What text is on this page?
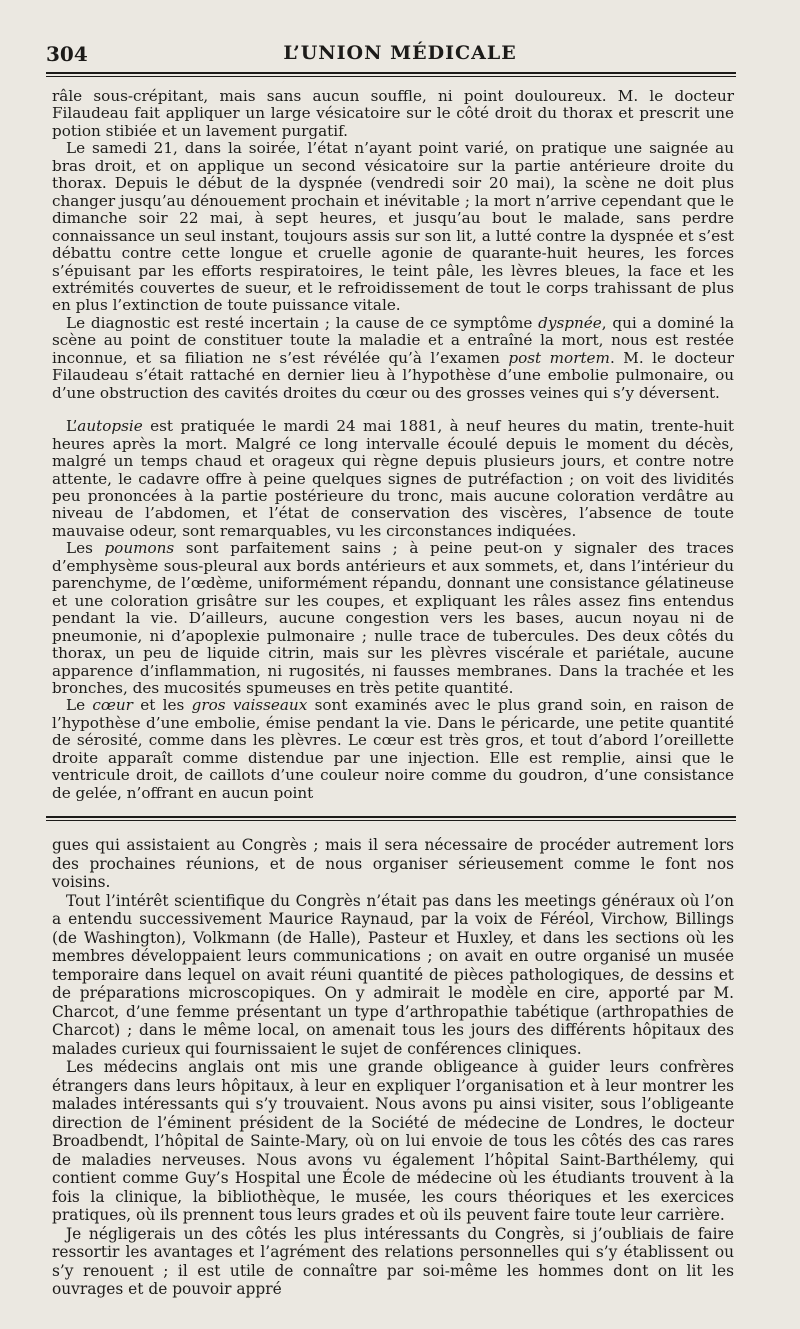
304	L’UNION MÉDICALE

râle sous-crépitant, mais sans aucun souffle, ni point douloureux. M. le docteur Filaudeau fait appliquer un large vésicatoire sur le côté droit du thorax et prescrit une potion stibiée et un lavement purgatif.

Le samedi 21, dans la soirée, l’état n’ayant point varié, on pratique une saignée au bras droit, et on applique un second vésicatoire sur la partie antérieure droite du thorax. Depuis le début de la dyspnée (vendredi soir 20 mai), la scène ne doit plus changer jusqu’au dénouement prochain et inévitable ; la mort n’arrive cependant que le dimanche soir 22 mai, à sept heures, et jusqu’au bout le malade, sans perdre connaissance un seul instant, toujours assis sur son lit, a lutté contre la dyspnée et s’est débattu contre cette longue et cruelle agonie de quarante-huit heures, les forces s’épuisant par les efforts respiratoires, le teint pâle, les lèvres bleues, la face et les extrémités couvertes de sueur, et le refroidissement de tout le corps trahissant de plus en plus l’extinction de toute puissance vitale.

Le diagnostic est resté incertain ; la cause de ce symptôme dyspnée, qui a dominé la scène au point de constituer toute la maladie et a entraîné la mort, nous est restée inconnue, et sa filiation ne s’est révélée qu’à l’examen post mortem. M. le docteur Filaudeau s’était rattaché en dernier lieu à l’hypothèse d’une embolie pulmonaire, ou d’une obstruction des cavités droites du cœur ou des grosses veines qui s’y déversent.

L’autopsie est pratiquée le mardi 24 mai 1881, à neuf heures du matin, trente-huit heures après la mort. Malgré ce long intervalle écoulé depuis le moment du décès, malgré un temps chaud et orageux qui règne depuis plusieurs jours, et contre notre attente, le cadavre offre à peine quelques signes de putréfaction ; on voit des lividités peu prononcées à la partie postérieure du tronc, mais aucune coloration verdâtre au niveau de l’abdomen, et l’état de conservation des viscères, l’absence de toute mauvaise odeur, sont remarquables, vu les circonstances indiquées.

Les poumons sont parfaitement sains ; à peine peut-on y signaler des traces d’emphysème sous-pleural aux bords antérieurs et aux sommets, et, dans l’intérieur du parenchyme, de l’œdème, uniformément répandu, donnant une consistance gélatineuse et une coloration grisâtre sur les coupes, et expliquant les râles assez fins entendus pendant la vie. D’ailleurs, aucune congestion vers les bases, aucun noyau ni de pneumonie, ni d’apoplexie pulmonaire ; nulle trace de tubercules. Des deux côtés du thorax, un peu de liquide citrin, mais sur les plèvres viscérale et pariétale, aucune apparence d’inflammation, ni rugosités, ni fausses membranes. Dans la trachée et les bronches, des mucosités spumeuses en très petite quantité.

Le cœur et les gros vaisseaux sont examinés avec le plus grand soin, en raison de l’hypothèse d’une embolie, émise pendant la vie. Dans le péricarde, une petite quantité de sérosité, comme dans les plèvres. Le cœur est très gros, et tout d’abord l’oreillette droite apparaît comme distendue par une injection. Elle est remplie, ainsi que le ventricule droit, de caillots d’une couleur noire comme du goudron, d’une consistance de gelée, n’offrant en aucun point

gues qui assistaient au Congrès ; mais il sera nécessaire de procéder autrement lors des prochaines réunions, et de nous organiser sérieusement comme le font nos voisins.

Tout l’intérêt scientifique du Congrès n’était pas dans les meetings généraux où l’on a entendu successivement Maurice Raynaud, par la voix de Féréol, Virchow, Billings (de Washington), Volkmann (de Halle), Pasteur et Huxley, et dans les sections où les membres développaient leurs communications ; on avait en outre organisé un musée temporaire dans lequel on avait réuni quantité de pièces pathologiques, de dessins et de préparations microscopiques. On y admirait le modèle en cire, apporté par M. Charcot, d’une femme présentant un type d’arthropathie tabétique (arthropathies de Charcot) ; dans le même local, on amenait tous les jours des différents hôpitaux des malades curieux qui fournissaient le sujet de conférences cliniques.

Les médecins anglais ont mis une grande obligeance à guider leurs confrères étrangers dans leurs hôpitaux, à leur en expliquer l’organisation et à leur montrer les malades intéressants qui s’y trouvaient. Nous avons pu ainsi visiter, sous l’obligeante direction de l’éminent président de la Société de médecine de Londres, le docteur Broadbendt, l’hôpital de Sainte-Mary, où on lui envoie de tous les côtés des cas rares de maladies nerveuses. Nous avons vu également l’hôpital Saint-Barthélemy, qui contient comme Guy’s Hospital une École de médecine où les étudiants trouvent à la fois la clinique, la bibliothèque, le musée, les cours théoriques et les exercices pratiques, où ils prennent tous leurs grades et où ils peuvent faire toute leur carrière.

Je négligerais un des côtés les plus intéressants du Congrès, si j’oubliais de faire ressortir les avantages et l’agrément des relations personnelles qui s’y établissent ou s’y renouent ; il est utile de connaître par soi-même les hommes dont on lit les ouvrages et de pouvoir appré
